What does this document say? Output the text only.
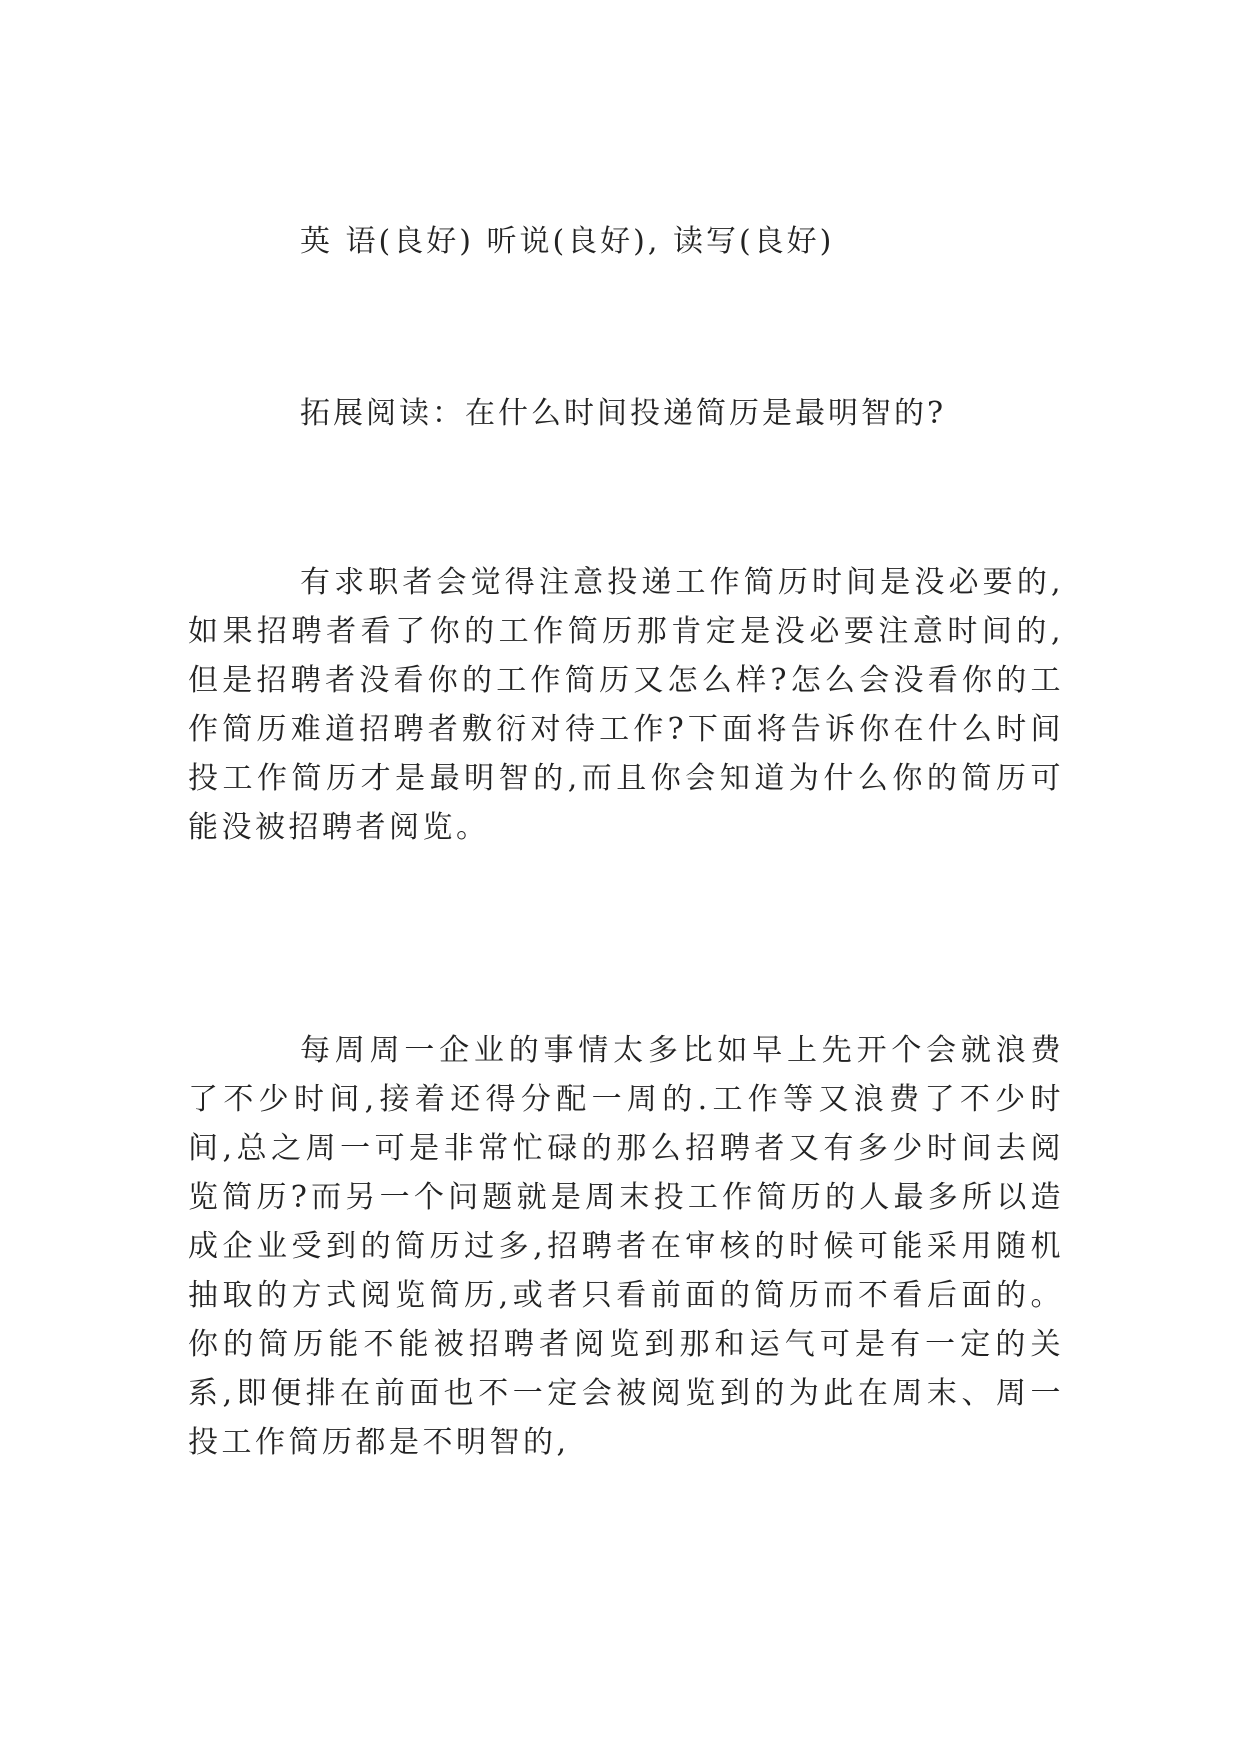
英 语(良好) 听说(良好), 读写(良好)
拓展阅读：在什么时间投递简历是最明智的?

有求职者会觉得注意投递工作简历时间是没必要的,如果招聘者看了你的工作简历那肯定是没必要注意时间的,但是招聘者没看你的工作简历又怎么样?怎么会没看你的工作简历难道招聘者敷衍对待工作?下面将告诉你在什么时间投工作简历才是最明智的,而且你会知道为什么你的简历可能没被招聘者阅览。

每周周一企业的事情太多比如早上先开个会就浪费了不少时间,接着还得分配一周的.工作等又浪费了不少时间,总之周一可是非常忙碌的那么招聘者又有多少时间去阅览简历?而另一个问题就是周末投工作简历的人最多所以造成企业受到的简历过多,招聘者在审核的时候可能采用随机抽取的方式阅览简历,或者只看前面的简历而不看后面的。你的简历能不能被招聘者阅览到那和运气可是有一定的关系,即便排在前面也不一定会被阅览到的为此在周末、周一投工作简历都是不明智的,
